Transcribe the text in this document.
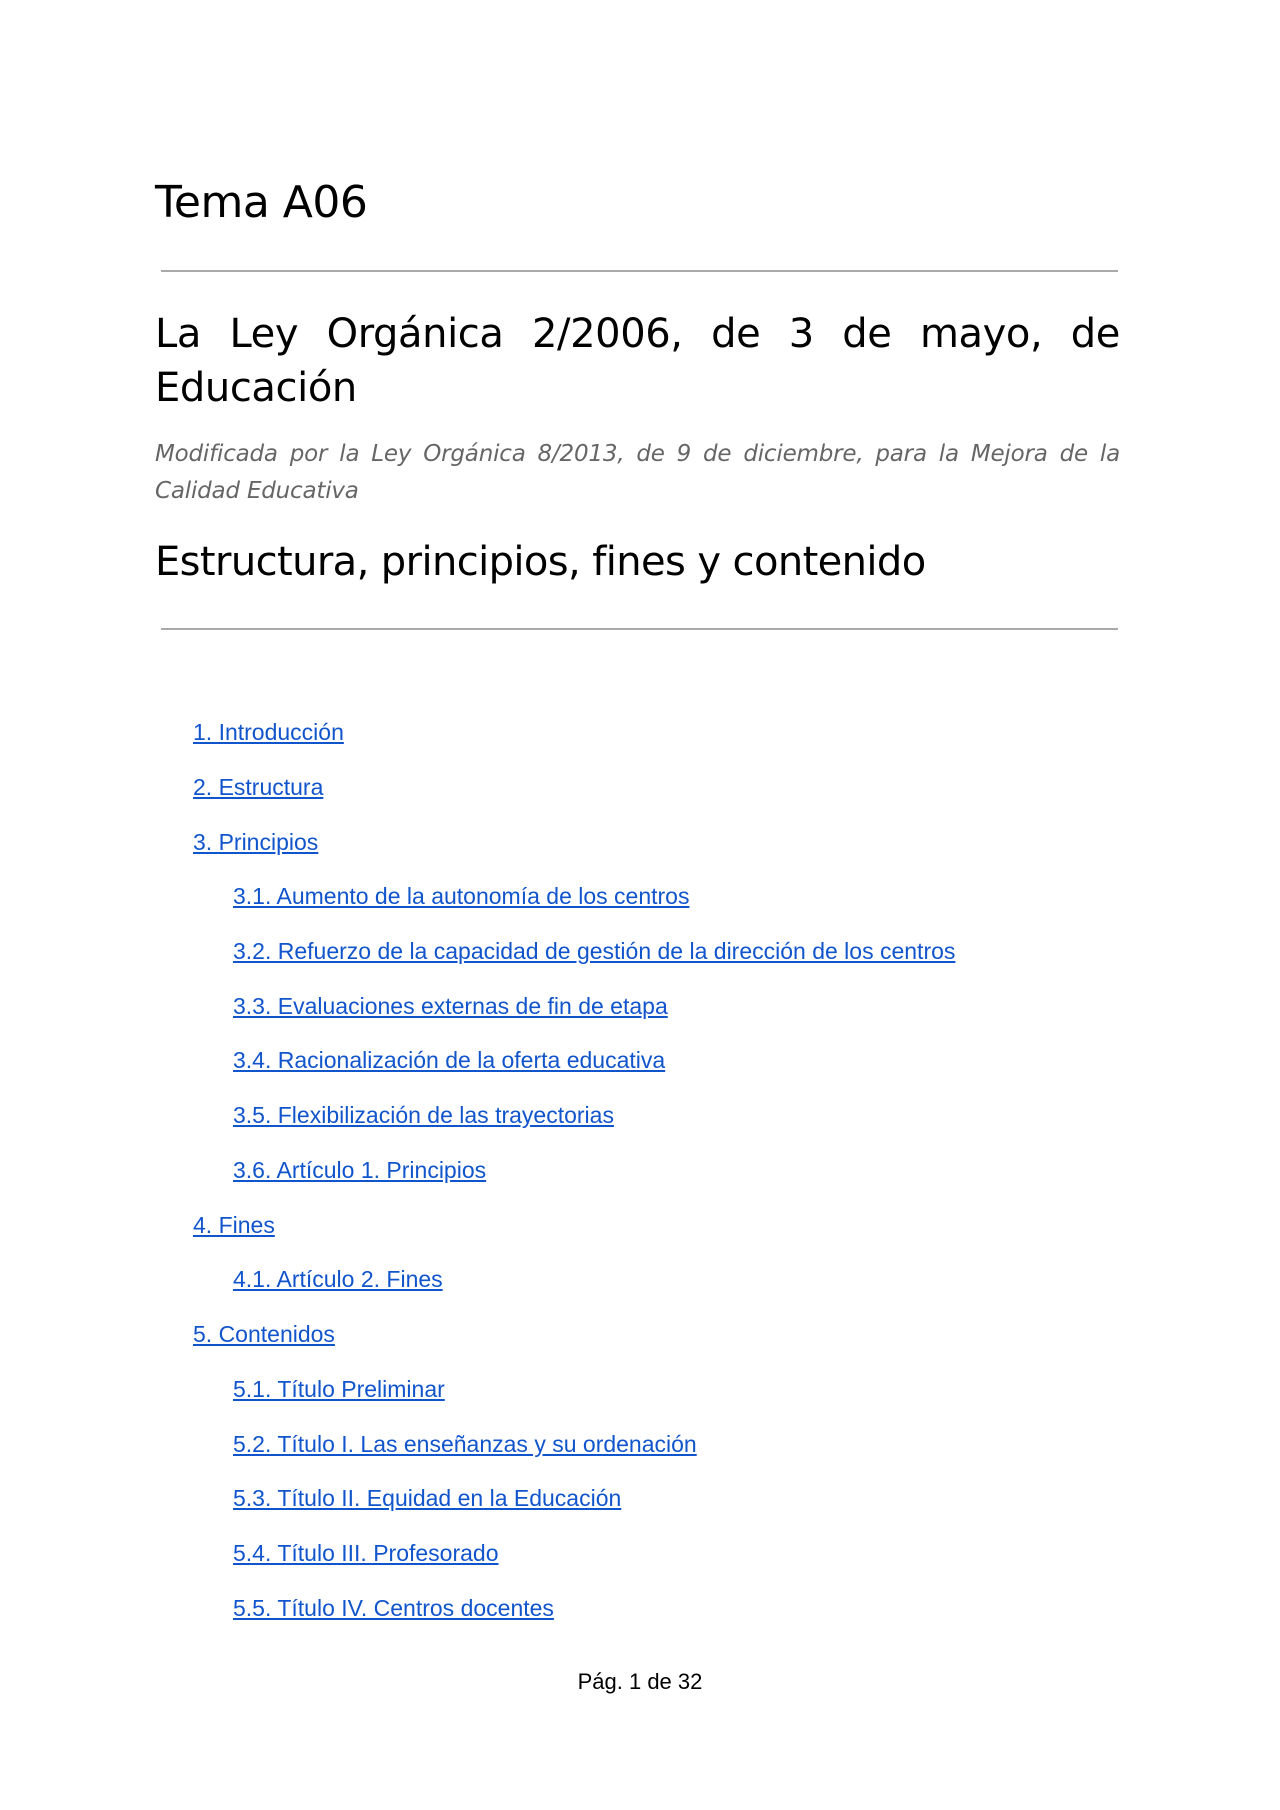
Tema A06
La Ley Orgánica 2/2006, de 3 de mayo, de Educación

Modificada por la Ley Orgánica 8/2013, de 9 de diciembre, para la Mejora de la Calidad Educativa

Estructura, principios, fines y contenido
1. Introducción
2. Estructura
3. Principios
3.1. Aumento de la autonomía de los centros
3.2. Refuerzo de la capacidad de gestión de la dirección de los centros
3.3. Evaluaciones externas de fin de etapa
3.4. Racionalización de la oferta educativa
3.5. Flexibilización de las trayectorias
3.6. Artículo 1. Principios
4. Fines
4.1. Artículo 2. Fines
5. Contenidos
5.1. Título Preliminar
5.2. Título I. Las enseñanzas y su ordenación
5.3. Título II. Equidad en la Educación
5.4. Título III. Profesorado
5.5. Título IV. Centros docentes
Pág. 1 de 32
